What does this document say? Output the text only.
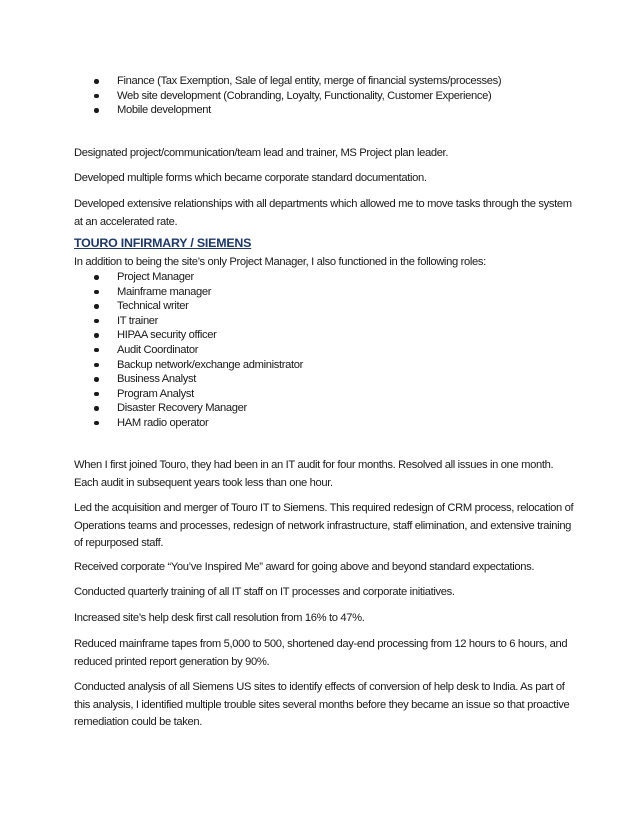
Finance (Tax Exemption, Sale of legal entity, merge of financial systems/processes)
Web site development (Cobranding, Loyalty, Functionality, Customer Experience)
Mobile development

Designated project/communication/team lead and trainer, MS Project plan leader.

Developed multiple forms which became corporate standard documentation.

Developed extensive relationships with all departments which allowed me to move tasks through the system at an accelerated rate.

TOURO INFIRMARY / SIEMENS

In addition to being the site’s only Project Manager, I also functioned in the following roles:

Project Manager
Mainframe manager
Technical writer
IT trainer
HIPAA security officer
Audit Coordinator
Backup network/exchange administrator
Business Analyst
Program Analyst
Disaster Recovery Manager
HAM radio operator

When I first joined Touro, they had been in an IT audit for four months. Resolved all issues in one month. Each audit in subsequent years took less than one hour.

Led the acquisition and merger of Touro IT to Siemens. This required redesign of CRM process, relocation of Operations teams and processes, redesign of network infrastructure, staff elimination, and extensive training of repurposed staff.

Received corporate “You’ve Inspired Me” award for going above and beyond standard expectations.

Conducted quarterly training of all IT staff on IT processes and corporate initiatives.

Increased site’s help desk first call resolution from 16% to 47%.

Reduced mainframe tapes from 5,000 to 500, shortened day-end processing from 12 hours to 6 hours, and reduced printed report generation by 90%.

Conducted analysis of all Siemens US sites to identify effects of conversion of help desk to India. As part of this analysis, I identified multiple trouble sites several months before they became an issue so that proactive remediation could be taken.
